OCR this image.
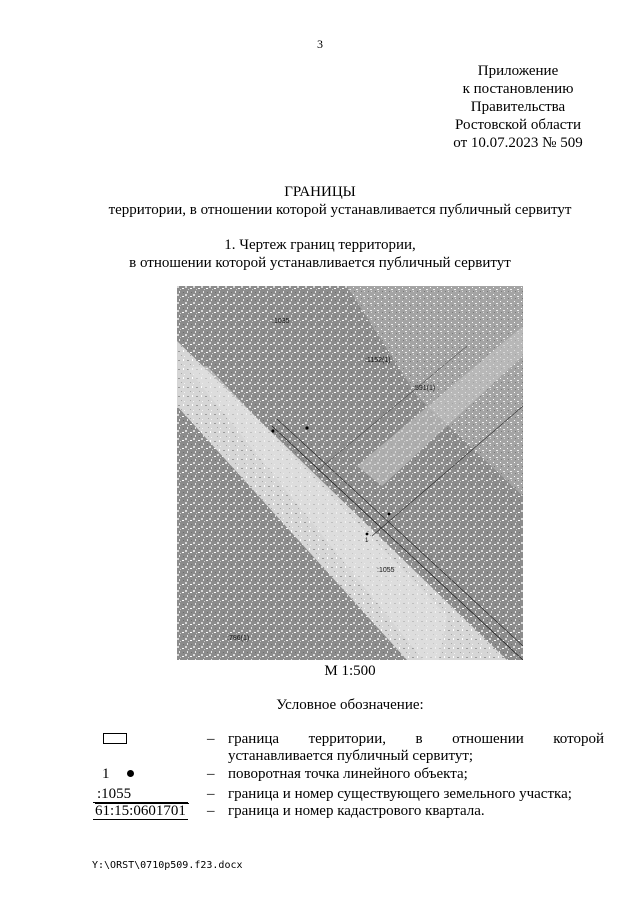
3
Приложение
к постановлению
Правительства
Ростовской области
от 10.07.2023 № 509
ГРАНИЦЫ
территории, в отношении которой устанавливается публичный сервитут
1. Чертеж границ территории,
в отношении которой устанавливается публичный сервитут
:1035
:1152(1)
:591(1)
:1055
:786(1)
1
М 1:500
Условное обозначение:
– граница территории, в отношении которой
устанавливается публичный сервитут;
1	– поворотная точка линейного объекта;
:1055	– граница и номер существующего земельного участка;
61:15:0601701 – граница и номер кадастрового квартала.
Y:\ORST\0710p509.f23.docx
